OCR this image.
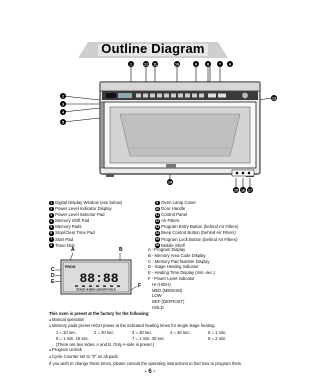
Outline Diagram
1	12 11	10	9	8	7 6
2
3
4
5
13
14
15 16 17
1 Digital Display Window (see below)
2 Power Level Indicator Display
3 Power Level Selector Pad
4 Memory Shift Pad
5 Memory Pads
6 Stop/Clear Time Pad
7 Start Pad
8 Timer Dial
9 Oven Lamp Cover
10 Door Handle
11 Control Panel
12 Air Filters
13 Program Entry Button (behind Air Filters)
14 Beep Control Button (behind Air Filters)
15 Program Lock Button (behind Air Filters)
16 Mobile Shelf
A	B
C
D
E
F
PROG
88:88
STAGE HI MED LOW DEF HOLD
A - Program Display
B - Memory Area Code Display
C - Memory Pad Number Display
D - Stage Heating Indicator
E - Heating Time Display (min.-sec.)
F - Power Level Indicator
HI (HIGH)
MED (MEDIUM)
LOW
DEF (DEFROST)
HOLD
This oven is preset at the factory for the following:
● Manual operation
● Memory pads preset HIGH power at the indicated heating times for single stage heating.
1 = 10 sec.	2 = 20 sec.	3 = 30 sec.	4 = 45 sec.	5 = 1 min.
6 = 1 min. 15 sec.	7 = 1 min. 30 sec.	8 = 2 min.
(There are two sides, A and B. Only A-side is preset.)
● Program Unlock
● Cycle Counter set to "0" on all pads
If you wish to change these times, please consult the operating instructions to find how to program them.
- 6 -
